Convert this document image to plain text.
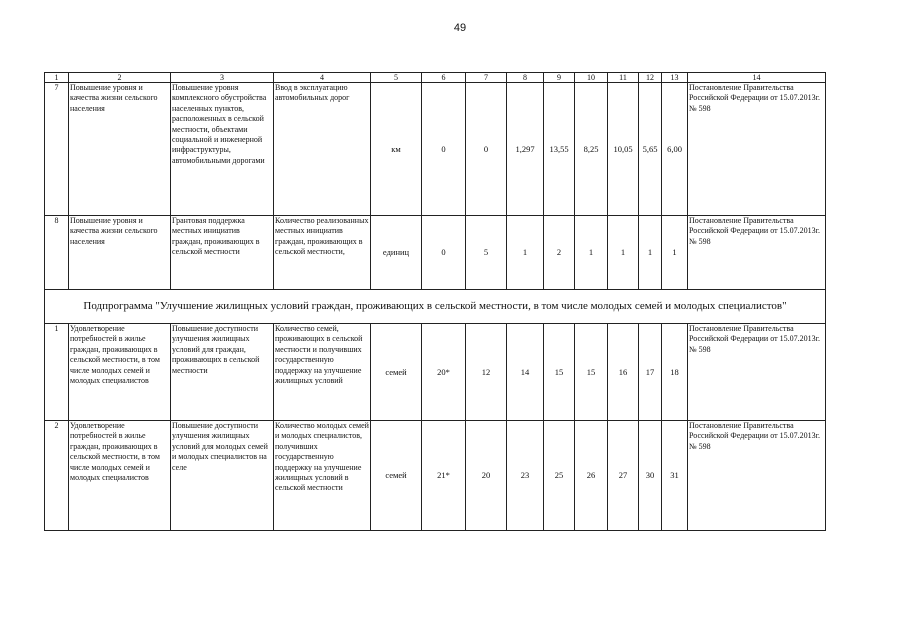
49
1	2	3	4	5	6	7	8	9	10	11	12	13	14
7	Повышение уровня и качества жизни сельского населения	Повышение уровня комплексного обустройства населенных пунктов, расположенных в сельской местности, объектами социальной и инженерной инфраструктуры, автомобильными дорогами	Ввод в эксплуатацию автомобильных дорог	км	0	0	1,297	13,55	8,25	10,05	5,65	6,00	Постановление Правительства Российской Федерации от 15.07.2013г. № 598
8	Повышение уровня и качества жизни сельского населения	Грантовая поддержка местных инициатив граждан, проживающих в сельской местности	Количество реализованных местных инициатив граждан, проживающих в сельской местности,	единиц	0	5	1	2	1	1	1	1	Постановление Правительства Российской Федерации от 15.07.2013г. № 598
Подпрограмма "Улучшение жилищных условий граждан, проживающих в сельской местности, в том числе молодых семей и молодых специалистов"													
1	Удовлетворение потребностей в жилье граждан, проживающих в сельской местности, в том числе молодых семей и молодых специалистов	Повышение доступности улучшения жилищных условий для граждан, проживающих в сельской местности	Количество семей, проживающих в сельской местности и получивших государственную поддержку на улучшение жилищных условий	семей	20*	12	14	15	15	16	17	18	Постановление Правительства Российской Федерации от 15.07.2013г. № 598
2	Удовлетворение потребностей в жилье граждан, проживающих в сельской местности, в том числе молодых семей и молодых специалистов	Повышение доступности улучшения жилищных условий для молодых семей и молодых специалистов на селе	Количество молодых семей и молодых специалистов, получивших государственную поддержку на улучшение жилищных условий в сельской местности	семей	21*	20	23	25	26	27	30	31	Постановление Правительства Российской Федерации от 15.07.2013г. № 598
